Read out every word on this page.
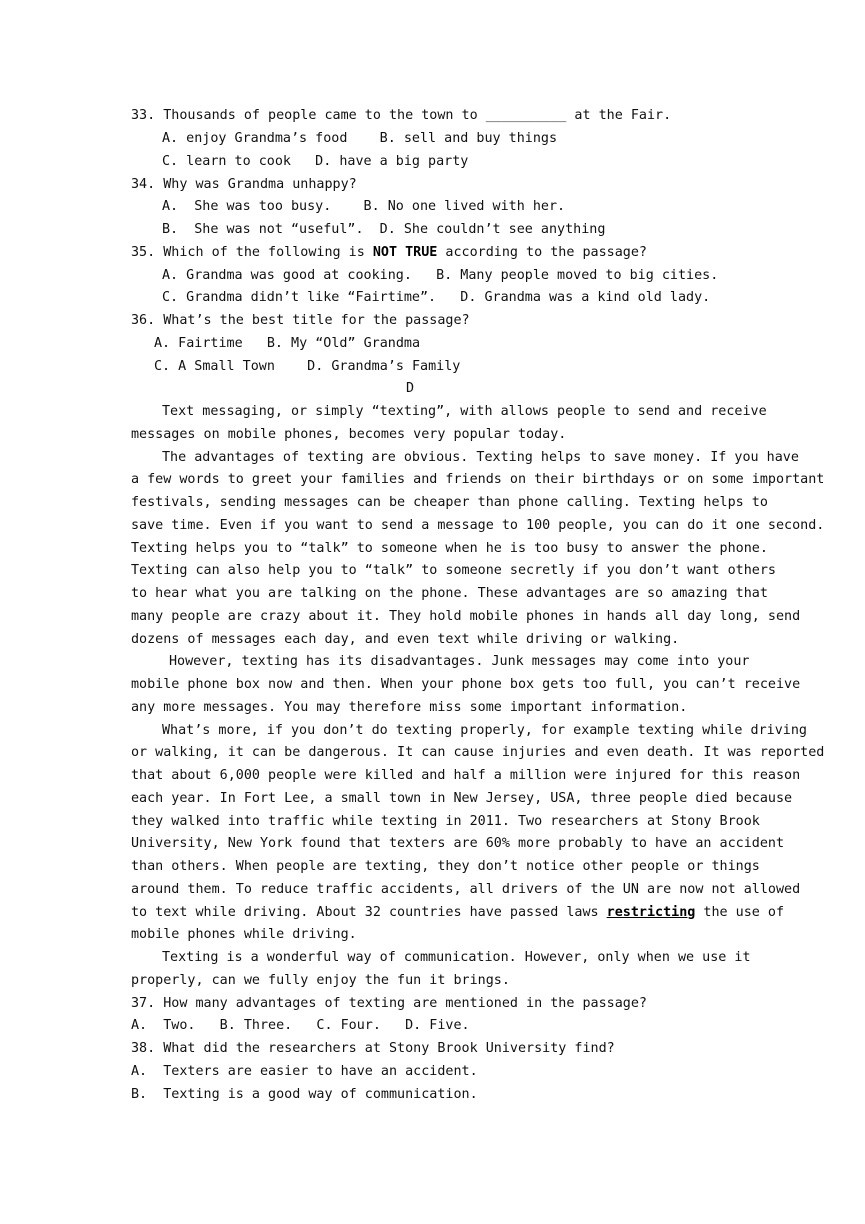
33. Thousands of people came to the town to __________ at the Fair.
A. enjoy Grandma’s food    B. sell and buy things
C. learn to cook   D. have a big party
34. Why was Grandma unhappy?
A.  She was too busy.    B. No one lived with her.
B.  She was not “useful”.  D. She couldn’t see anything
35. Which of the following is NOT TRUE according to the passage?
A. Grandma was good at cooking.   B. Many people moved to big cities.
C. Grandma didn’t like “Fairtime”.   D. Grandma was a kind old lady.
36. What’s the best title for the passage?
A. Fairtime   B. My “Old” Grandma
C. A Small Town    D. Grandma’s Family
D
Text messaging, or simply “texting”, with allows people to send and receive
messages on mobile phones, becomes very popular today.
The advantages of texting are obvious. Texting helps to save money. If you have
a few words to greet your families and friends on their birthdays or on some important
festivals, sending messages can be cheaper than phone calling. Texting helps to
save time. Even if you want to send a message to 100 people, you can do it one second.
Texting helps you to “talk” to someone when he is too busy to answer the phone.
Texting can also help you to “talk” to someone secretly if you don’t want others
to hear what you are talking on the phone. These advantages are so amazing that
many people are crazy about it. They hold mobile phones in hands all day long, send
dozens of messages each day, and even text while driving or walking.
However, texting has its disadvantages. Junk messages may come into your
mobile phone box now and then. When your phone box gets too full, you can’t receive
any more messages. You may therefore miss some important information.
What’s more, if you don’t do texting properly, for example texting while driving
or walking, it can be dangerous. It can cause injuries and even death. It was reported
that about 6,000 people were killed and half a million were injured for this reason
each year. In Fort Lee, a small town in New Jersey, USA, three people died because
they walked into traffic while texting in 2011. Two researchers at Stony Brook
University, New York found that texters are 60% more probably to have an accident
than others. When people are texting, they don’t notice other people or things
around them. To reduce traffic accidents, all drivers of the UN are now not allowed
to text while driving. About 32 countries have passed laws restricting the use of
mobile phones while driving.
Texting is a wonderful way of communication. However, only when we use it
properly, can we fully enjoy the fun it brings.
37. How many advantages of texting are mentioned in the passage?
A.  Two.   B. Three.   C. Four.   D. Five.
38. What did the researchers at Stony Brook University find?
A.  Texters are easier to have an accident.
B.  Texting is a good way of communication.
